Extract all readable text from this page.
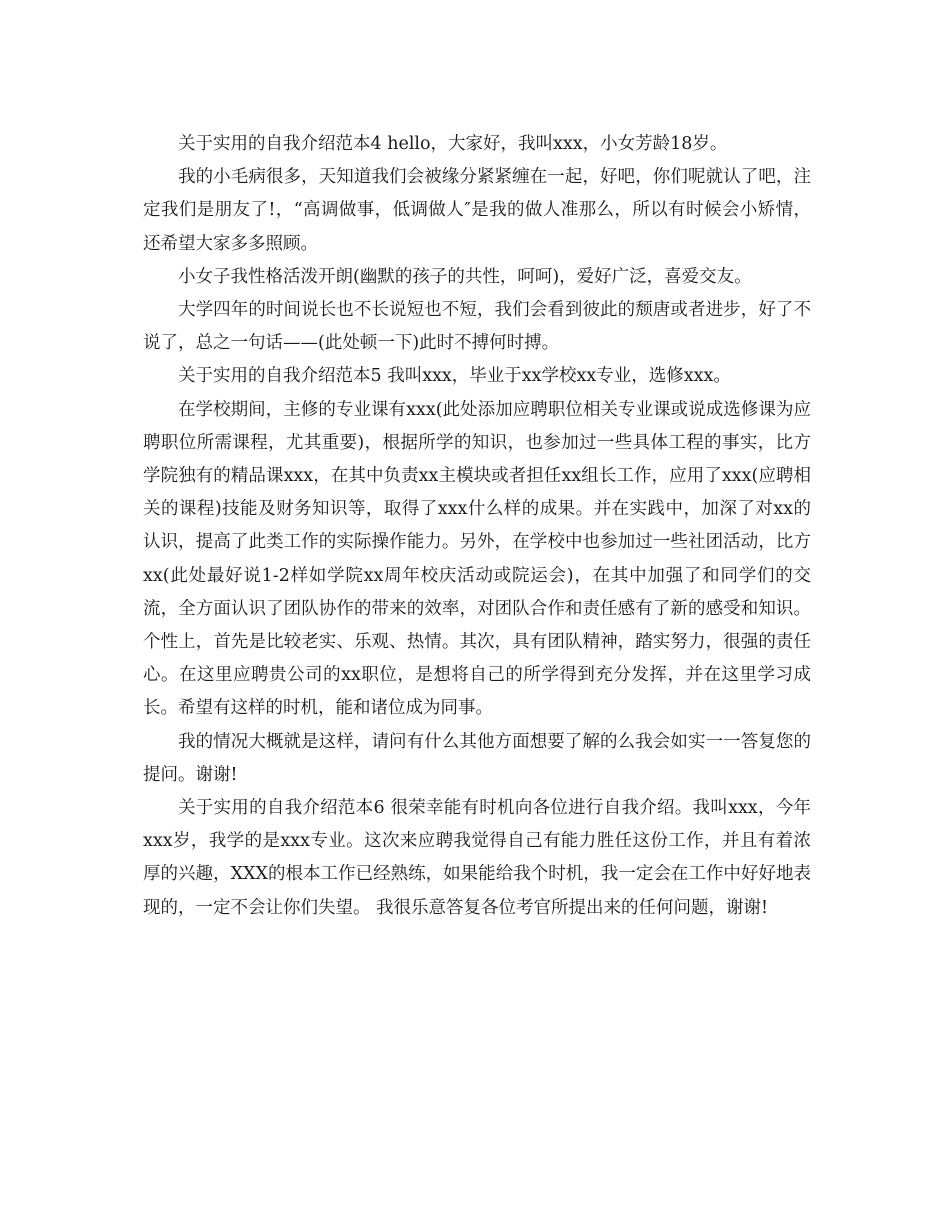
关于实用的自我介绍范本4 hello，大家好，我叫xxx，小女芳龄18岁。

我的小毛病很多，天知道我们会被缘分紧紧缠在一起，好吧，你们呢就认了吧，注定我们是朋友了!，“高调做事，低调做人″是我的做人准那么，所以有时候会小矫情，还希望大家多多照顾。

小女子我性格活泼开朗(幽默的孩子的共性，呵呵)，爱好广泛，喜爱交友。

大学四年的时间说长也不长说短也不短，我们会看到彼此的颓唐或者进步，好了不说了，总之一句话——(此处顿一下)此时不搏何时搏。

关于实用的自我介绍范本5 我叫xxx，毕业于xx学校xx专业，选修xxx。

在学校期间，主修的专业课有xxx(此处添加应聘职位相关专业课或说成选修课为应聘职位所需课程，尤其重要)，根据所学的知识，也参加过一些具体工程的事实，比方学院独有的精品课xxx，在其中负责xx主模块或者担任xx组长工作，应用了xxx(应聘相关的课程)技能及财务知识等，取得了xxx什么样的成果。并在实践中，加深了对xx的认识，提高了此类工作的实际操作能力。另外，在学校中也参加过一些社团活动，比方xx(此处最好说1-2样如学院xx周年校庆活动或院运会)，在其中加强了和同学们的交流，全方面认识了团队协作的带来的效率，对团队合作和责任感有了新的感受和知识。个性上，首先是比较老实、乐观、热情。其次，具有团队精神，踏实努力，很强的责任心。在这里应聘贵公司的xx职位，是想将自己的所学得到充分发挥，并在这里学习成长。希望有这样的时机，能和诸位成为同事。

我的情况大概就是这样，请问有什么其他方面想要了解的么我会如实一一答复您的提问。谢谢!

关于实用的自我介绍范本6 很荣幸能有时机向各位进行自我介绍。我叫xxx，今年xxx岁，我学的是xxx专业。这次来应聘我觉得自己有能力胜任这份工作，并且有着浓厚的兴趣，XXX的根本工作已经熟练，如果能给我个时机，我一定会在工作中好好地表现的，一定不会让你们失望。 我很乐意答复各位考官所提出来的任何问题，谢谢!
